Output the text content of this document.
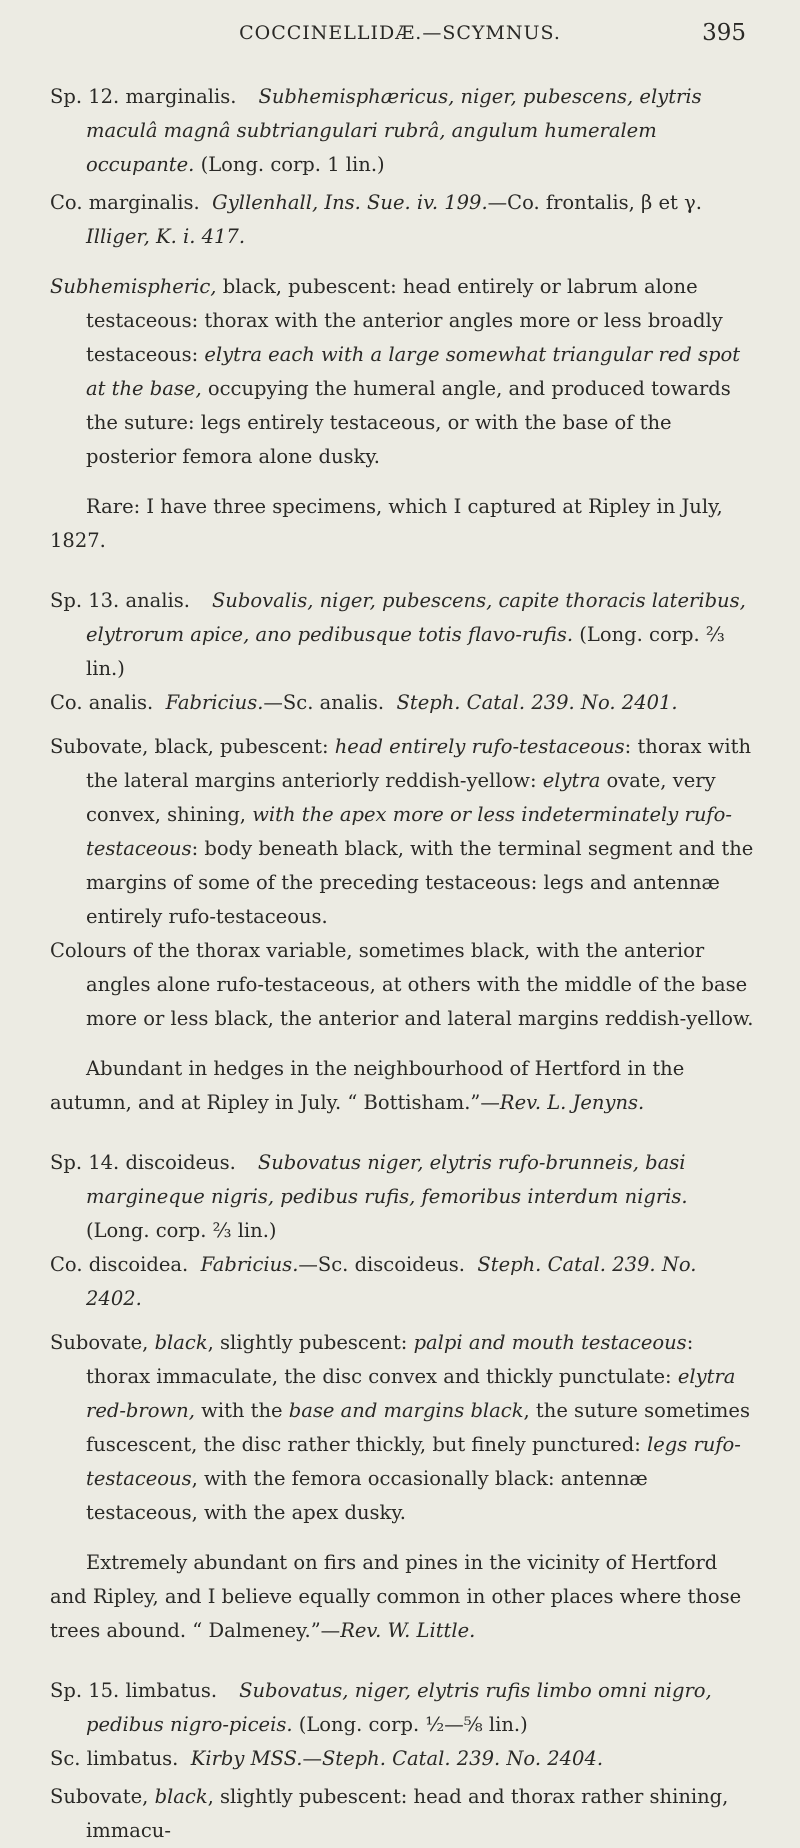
COCCINELLIDÆ.—SCYMNUS.	395

Sp. 12. marginalis. Subhemisphæricus, niger, pubescens, elytris maculâ magnâ subtriangulari rubrâ, angulum humeralem occupante. (Long. corp. 1 lin.)

Co. marginalis. Gyllenhall, Ins. Sue. iv. 199.—Co. frontalis, β et γ.  Illiger, K. i. 417.

Subhemispheric, black, pubescent: head entirely or labrum alone testaceous: thorax with the anterior angles more or less broadly testaceous: elytra each with a large somewhat triangular red spot at the base, occupying the humeral angle, and produced towards the suture: legs entirely testaceous, or with the base of the posterior femora alone dusky.

Rare: I have three specimens, which I captured at Ripley in July, 1827.

Sp. 13. analis. Subovalis, niger, pubescens, capite thoracis lateribus, elytrorum apice, ano pedibusque totis flavo-rufis. (Long. corp. ⅔ lin.)

Co. analis. Fabricius.—Sc. analis. Steph. Catal. 239. No. 2401.

Subovate, black, pubescent: head entirely rufo-testaceous: thorax with the lateral margins anteriorly reddish-yellow: elytra ovate, very convex, shining, with the apex more or less indeterminately rufo-testaceous: body beneath black, with the terminal segment and the margins of some of the preceding testaceous: legs and antennæ entirely rufo-testaceous.

Colours of the thorax variable, sometimes black, with the anterior angles alone rufo-testaceous, at others with the middle of the base more or less black, the anterior and lateral margins reddish-yellow.

Abundant in hedges in the neighbourhood of Hertford in the autumn, and at Ripley in July. “ Bottisham.”—Rev. L. Jenyns.

Sp. 14. discoideus. Subovatus niger, elytris rufo-brunneis, basi margineque nigris, pedibus rufis, femoribus interdum nigris. (Long. corp. ⅔ lin.)

Co. discoidea. Fabricius.—Sc. discoideus. Steph. Catal. 239. No. 2402.

Subovate, black, slightly pubescent: palpi and mouth testaceous: thorax immaculate, the disc convex and thickly punctulate: elytra red-brown, with the base and margins black, the suture sometimes fuscescent, the disc rather thickly, but finely punctured: legs rufo-testaceous, with the femora occasionally black: antennæ testaceous, with the apex dusky.

Extremely abundant on firs and pines in the vicinity of Hertford and Ripley, and I believe equally common in other places where those trees abound. “ Dalmeney.”—Rev. W. Little.

Sp. 15. limbatus. Subovatus, niger, elytris rufis limbo omni nigro, pedibus nigro-piceis. (Long. corp. ½—⅝ lin.)

Sc. limbatus. Kirby MSS.—Steph. Catal. 239. No. 2404.

Subovate, black, slightly pubescent: head and thorax rather shining, immacu-
